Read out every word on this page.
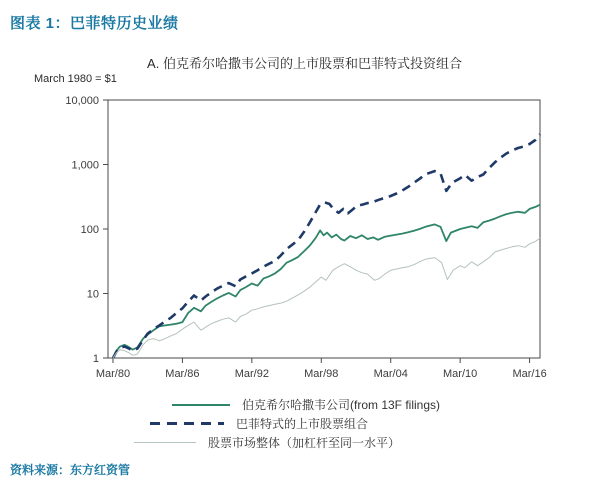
图表 1：巴菲特历史业绩
A. 伯克希尔哈撒韦公司的上市股票和巴菲特式投资组合
March 1980 = $1
1
10
100
1,000
10,000
Mar/80	Mar/86	Mar/92	Mar/98	Mar/04	Mar/10	Mar/16
伯克希尔哈撒韦公司(from 13F filings)
巴菲特式的上市股票组合
股票市场整体（加杠杆至同一水平）
资料来源：东方红资管
